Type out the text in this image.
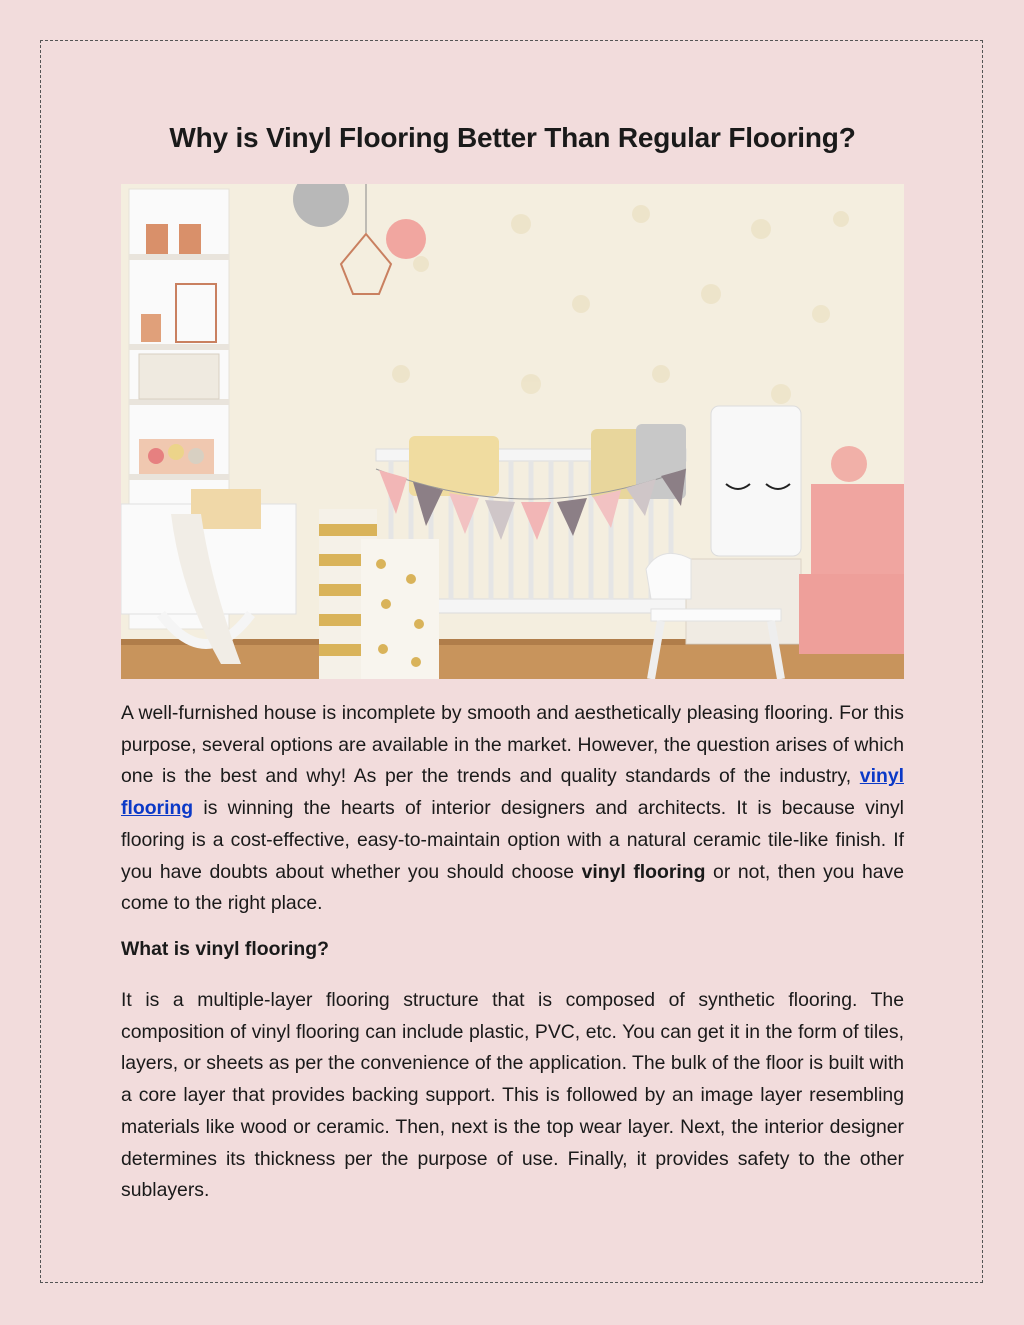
Why is Vinyl Flooring Better Than Regular Flooring?

A well-furnished house is incomplete by smooth and aesthetically pleasing flooring. For this purpose, several options are available in the market. However, the question arises of which one is the best and why! As per the trends and quality standards of the industry, vinyl flooring is winning the hearts of interior designers and architects. It is because vinyl flooring is a cost-effective, easy-to-maintain option with a natural ceramic tile-like finish. If you have doubts about whether you should choose vinyl flooring or not, then you have come to the right place.

What is vinyl flooring?

It is a multiple-layer flooring structure that is composed of synthetic flooring. The composition of vinyl flooring can include plastic, PVC, etc. You can get it in the form of tiles, layers, or sheets as per the convenience of the application. The bulk of the floor is built with a core layer that provides backing support. This is followed by an image layer resembling materials like wood or ceramic. Then, next is the top wear layer. Next, the interior designer determines its thickness per the purpose of use. Finally, it provides safety to the other sublayers.
